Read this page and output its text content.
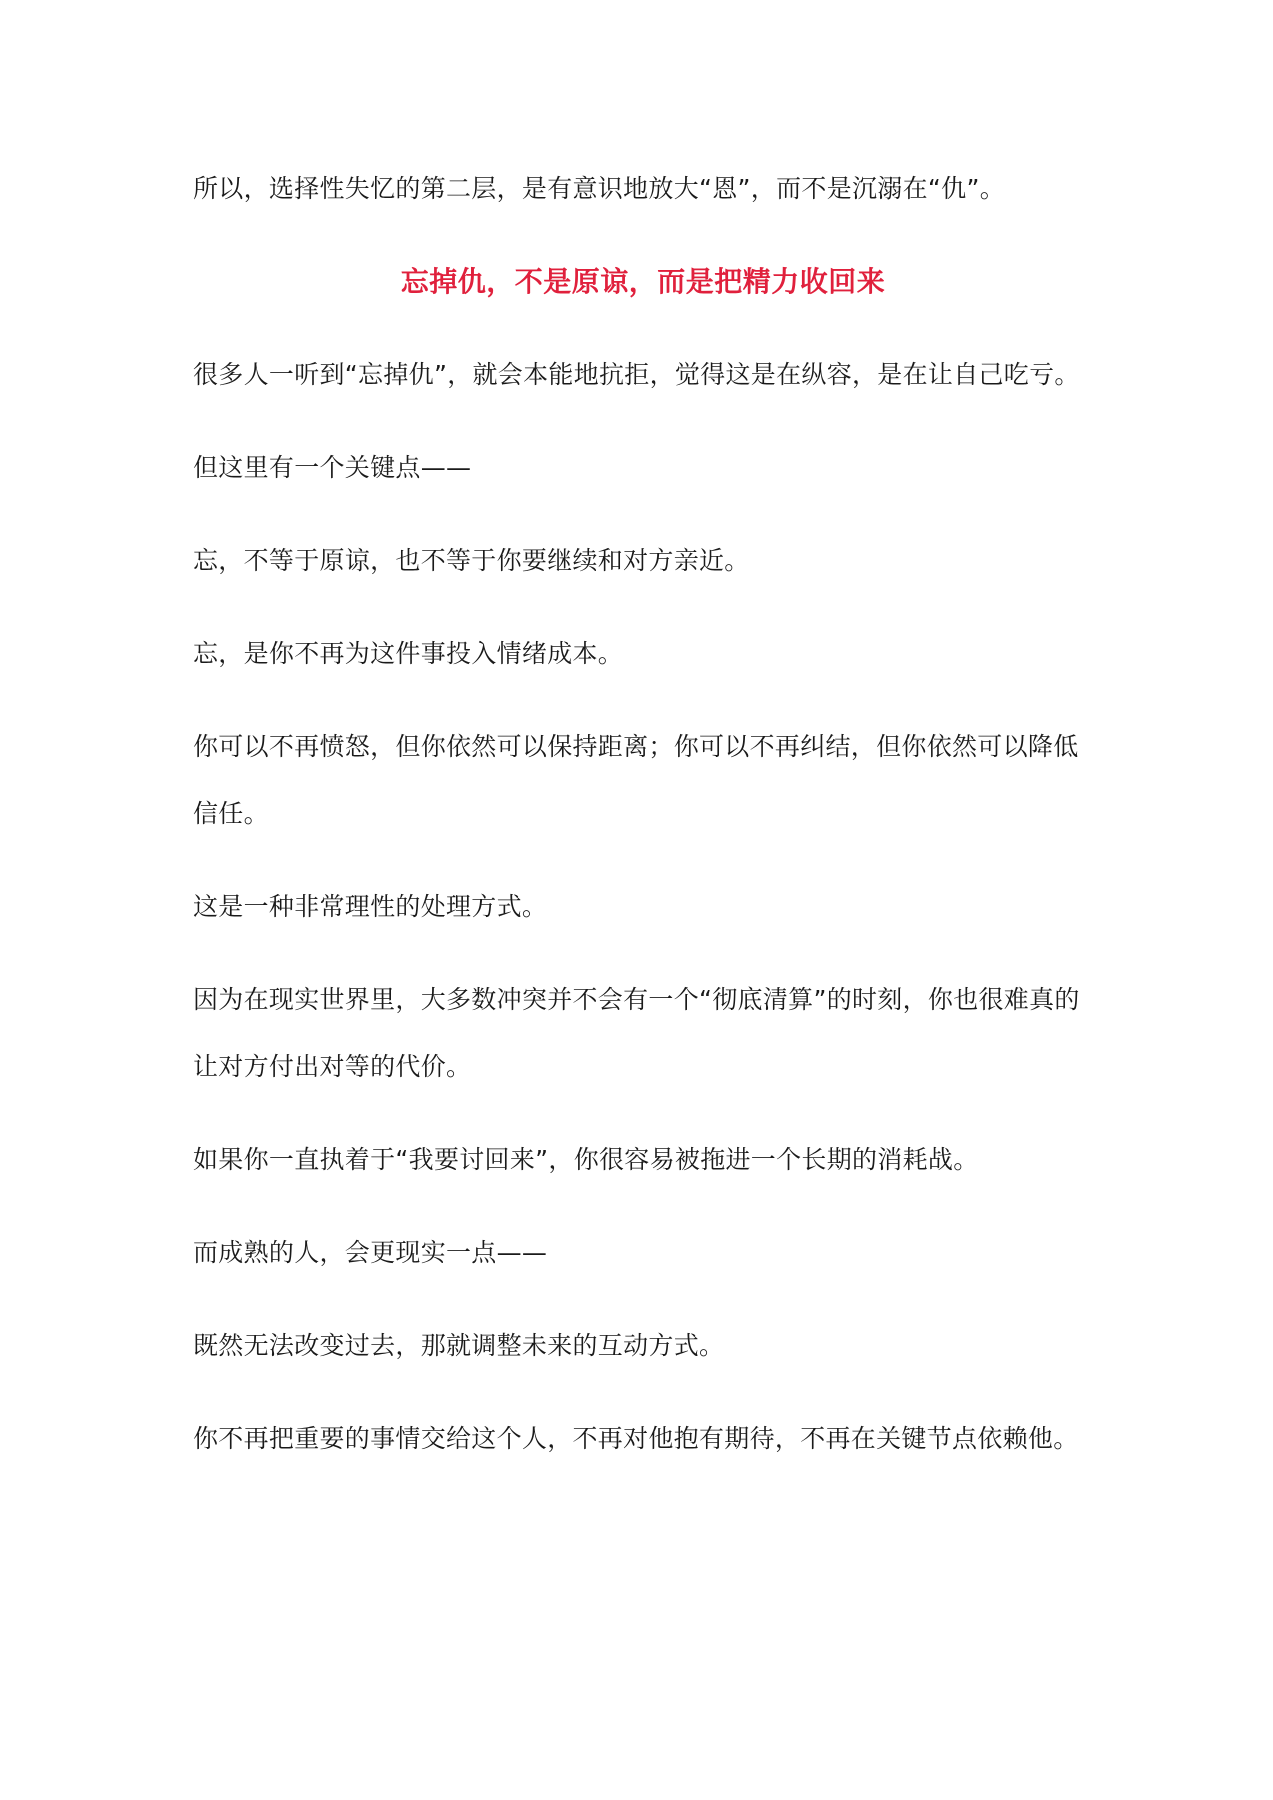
所以，选择性失忆的第二层，是有意识地放大“恩”，而不是沉溺在“仇”。

忘掉仇，不是原谅，而是把精力收回来

很多人一听到“忘掉仇”，就会本能地抗拒，觉得这是在纵容，是在让自己吃亏。

但这里有一个关键点——

忘，不等于原谅，也不等于你要继续和对方亲近。

忘，是你不再为这件事投入情绪成本。

你可以不再愤怒，但你依然可以保持距离；你可以不再纠结，但你依然可以降低信任。

这是一种非常理性的处理方式。

因为在现实世界里，大多数冲突并不会有一个“彻底清算”的时刻，你也很难真的让对方付出对等的代价。

如果你一直执着于“我要讨回来”，你很容易被拖进一个长期的消耗战。

而成熟的人，会更现实一点——

既然无法改变过去，那就调整未来的互动方式。

你不再把重要的事情交给这个人，不再对他抱有期待，不再在关键节点依赖他。
